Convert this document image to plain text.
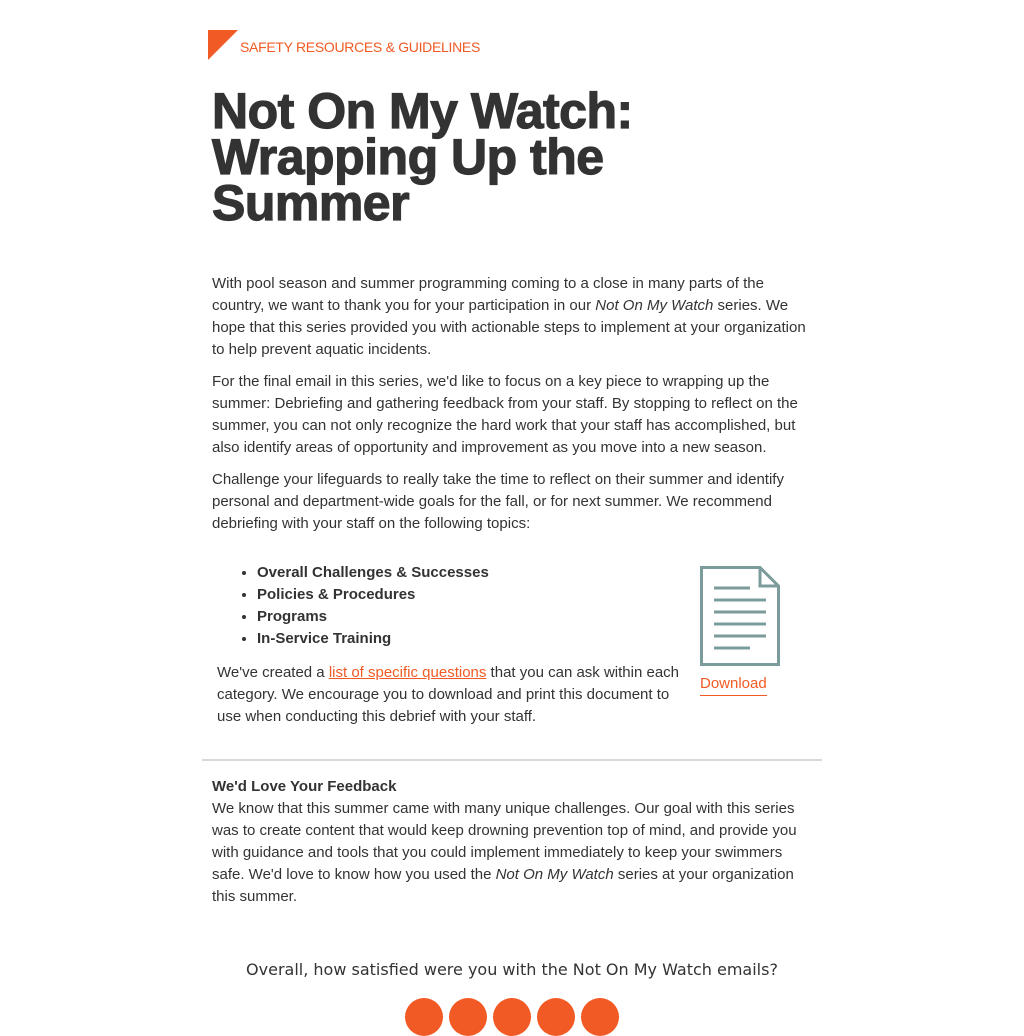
SAFETY RESOURCES & GUIDELINES
Not On My Watch: Wrapping Up the Summer

With pool season and summer programming coming to a close in many parts of the country, we want to thank you for your participation in our Not On My Watch series. We hope that this series provided you with actionable steps to implement at your organization to help prevent aquatic incidents.

For the final email in this series, we'd like to focus on a key piece to wrapping up the summer: Debriefing and gathering feedback from your staff. By stopping to reflect on the summer, you can not only recognize the hard work that your staff has accomplished, but also identify areas of opportunity and improvement as you move into a new season.

Challenge your lifeguards to really take the time to reflect on their summer and identify personal and department-wide goals for the fall, or for next summer. We recommend debriefing with your staff on the following topics:

• Overall Challenges & Successes
• Policies & Procedures
• Programs
• In-Service Training

We've created a list of specific questions that you can ask within each category. We encourage you to download and print this document to use when conducting this debrief with your staff.

Download
We'd Love Your Feedback

We know that this summer came with many unique challenges. Our goal with this series was to create content that would keep drowning prevention top of mind, and provide you with guidance and tools that you could implement immediately to keep your swimmers safe. We'd love to know how you used the Not On My Watch series at your organization this summer.

Overall, how satisfied were you with the Not On My Watch emails?
